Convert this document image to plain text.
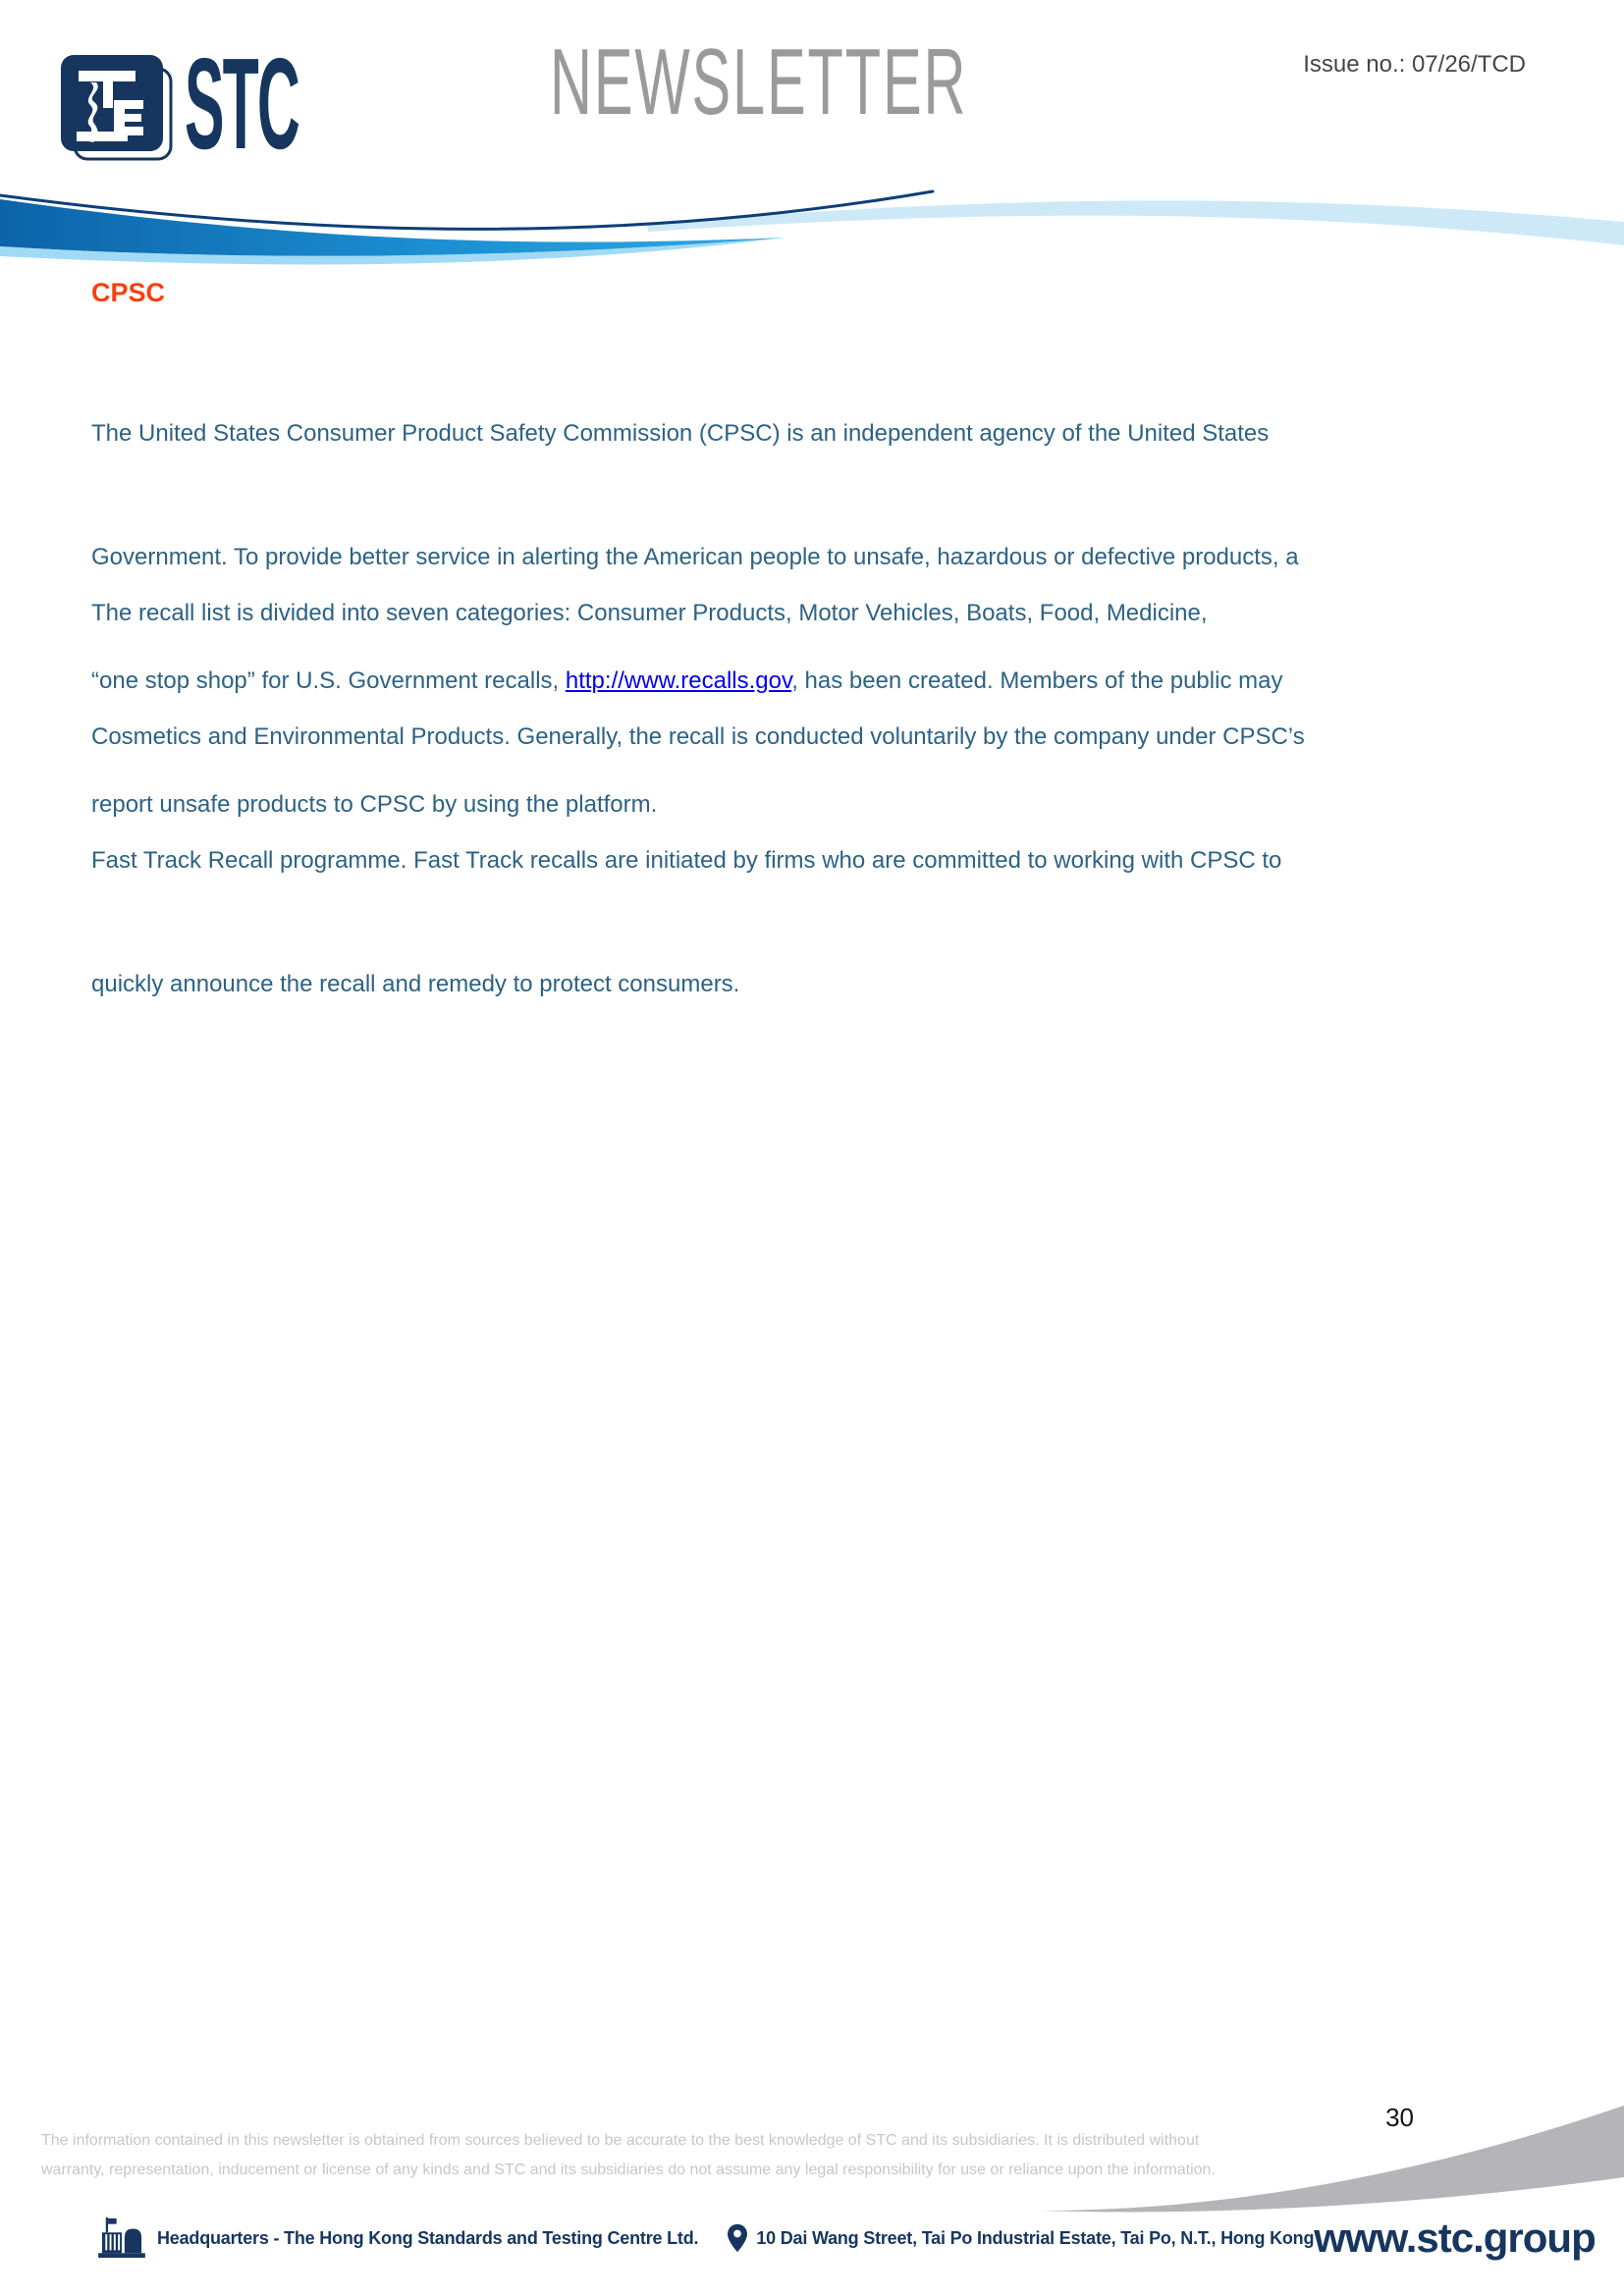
STC	NEWSLETTER	Issue no.: 07/26/TCD
CPSC

The United States Consumer Product Safety Commission (CPSC) is an independent agency of the United States

Government. To provide better service in alerting the American people to unsafe, hazardous or defective products, a

“one stop shop” for U.S. Government recalls, http://www.recalls.gov, has been created. Members of the public may

report unsafe products to CPSC by using the platform.

The recall list is divided into seven categories: Consumer Products, Motor Vehicles, Boats, Food, Medicine,

Cosmetics and Environmental Products. Generally, the recall is conducted voluntarily by the company under CPSC’s

Fast Track Recall programme. Fast Track recalls are initiated by firms who are committed to working with CPSC to

quickly announce the recall and remedy to protect consumers.

30
The information contained in this newsletter is obtained from sources believed to be accurate to the best knowledge of STC and its subsidiaries. It is distributed without
warranty, representation, inducement or license of any kinds and STC and its subsidiaries do not assume any legal responsibility for use or reliance upon the information.
Headquarters - The Hong Kong Standards and Testing Centre Ltd.	10 Dai Wang Street, Tai Po Industrial Estate, Tai Po, N.T., Hong Kong www.stc.group
